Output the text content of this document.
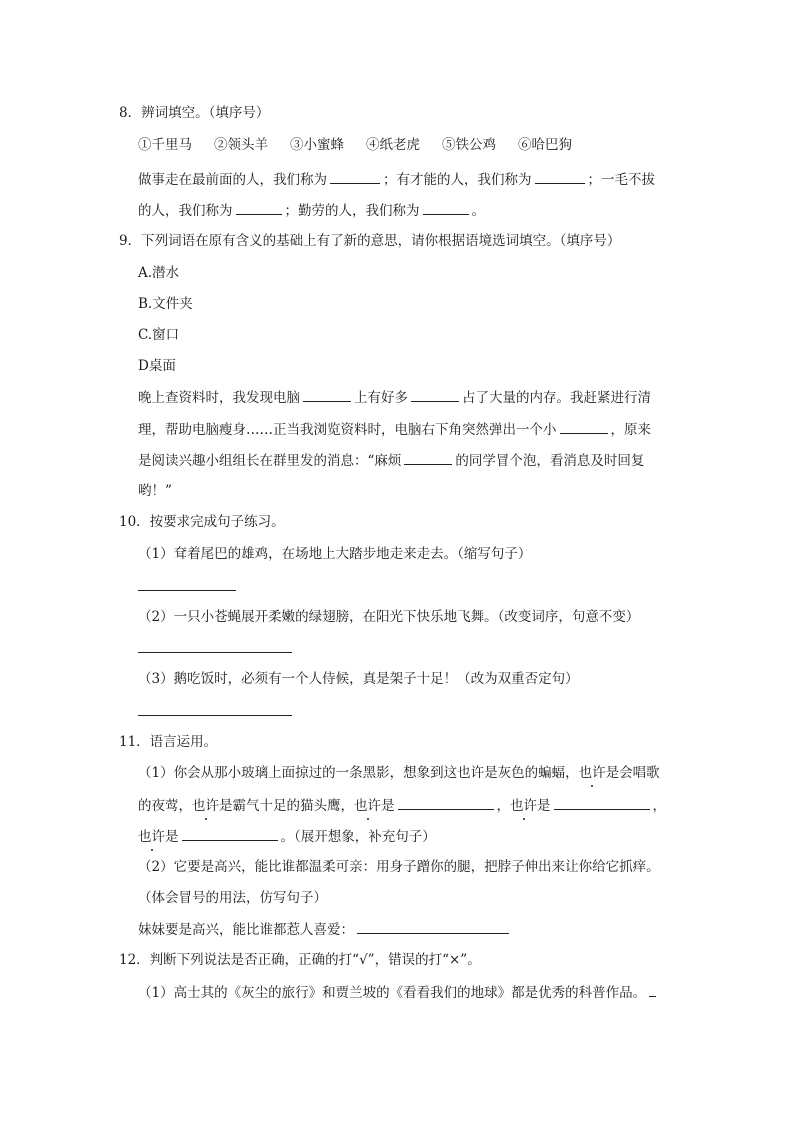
8．辨词填空。（填序号）
①千里马 ②领头羊 ③小蜜蜂 ④纸老虎 ⑤铁公鸡 ⑥哈巴狗
做事走在最前面的人，我们称为	；有才能的人，我们称为	；一毛不拔
的人，我们称为	；勤劳的人，我们称为	。
9．下列词语在原有含义的基础上有了新的意思，请你根据语境选词填空。（填序号）
A.潜水
B.文件夹
C.窗口
D桌面
晚上查资料时，我发现电脑	上有好多	占了大量的内存。我赶紧进行清
理，帮助电脑瘦身……正当我浏览资料时，电脑右下角突然弹出一个小	，原来
是阅读兴趣小组组长在群里发的消息：“麻烦	的同学冒个泡，看消息及时回复
哟！”
10．按要求完成句子练习。
（1）耷着尾巴的雄鸡，在场地上大踏步地走来走去。（缩写句子）
（2）一只小苍蝇展开柔嫩的绿翅膀，在阳光下快乐地飞舞。（改变词序，句意不变）
（3）鹅吃饭时，必须有一个人侍候，真是架子十足！（改为双重否定句）
11．语言运用。
（1）你会从那小玻璃上面掠过的一条黑影，想象到这也许是灰色的蝙蝠，也许是会唱歌
的夜莺，也许是霸气十足的猫头鹰，也许是	，也许是	，
也许是	。（展开想象，补充句子）
（2）它要是高兴，能比谁都温柔可亲：用身子蹭你的腿，把脖子伸出来让你给它抓痒。
（体会冒号的用法，仿写句子）
妹妹要是高兴，能比谁都惹人喜爱：
12．判断下列说法是否正确，正确的打“√”，错误的打“×”。
（1）高士其的《灰尘的旅行》和贾兰坡的《看看我们的地球》都是优秀的科普作品。
